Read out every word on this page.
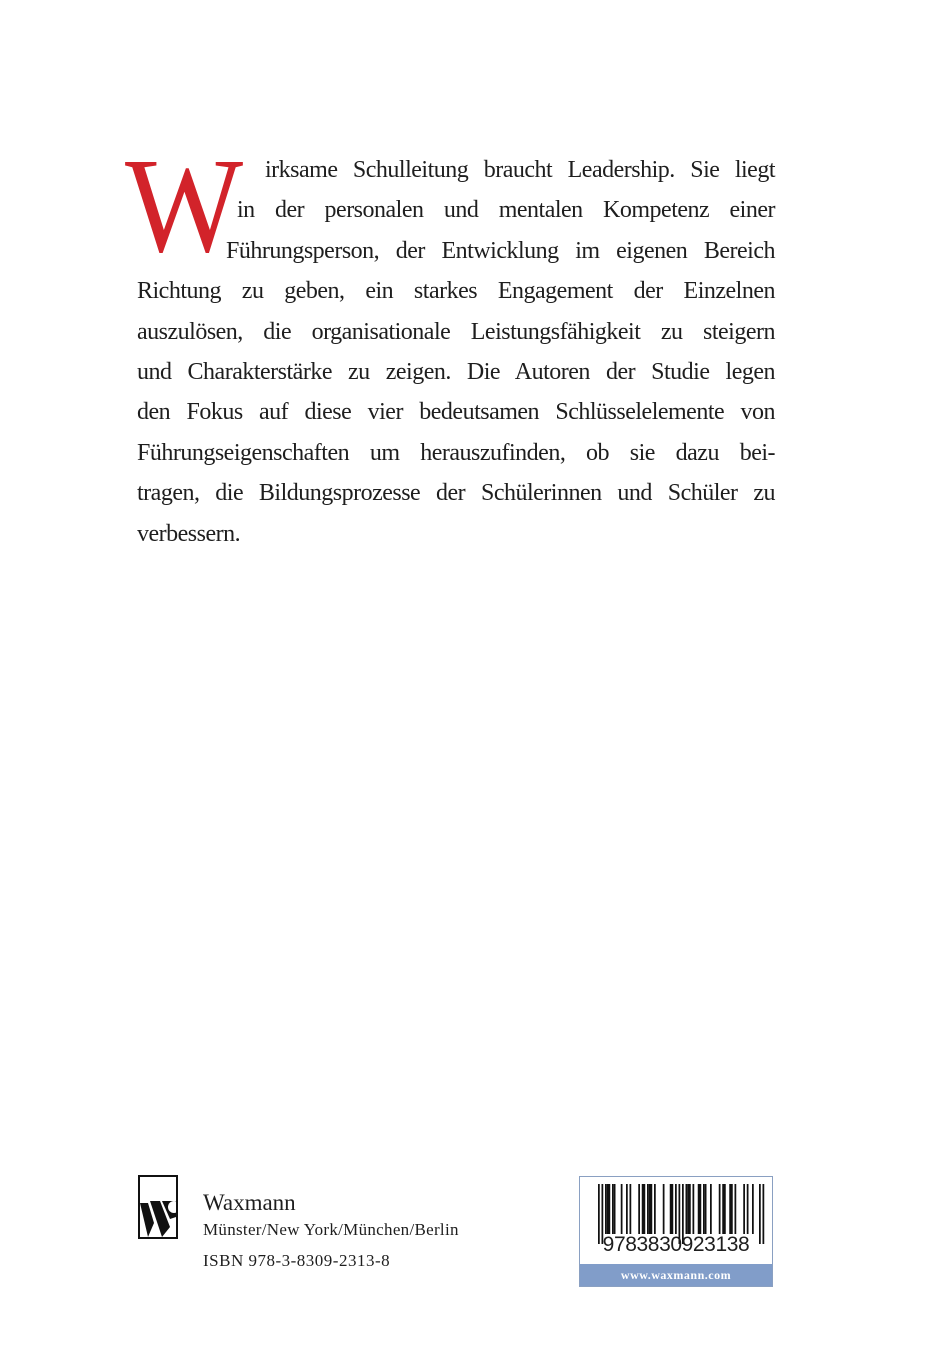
W irksame Schulleitung braucht Leadership. Sie liegt
in der personalen und mentalen Kompetenz einer
Führungsperson, der Entwicklung im eigenen Bereich
Richtung zu geben, ein starkes Engagement der Einzelnen
auszulösen, die organisationale Leistungsfähigkeit zu steigern
und Charakterstärke zu zeigen. Die Autoren der Studie legen
den Fokus auf diese vier bedeutsamen Schlüsselelemente von
Führungseigenschaften um herauszufinden, ob sie dazu bei-
tragen, die Bildungsprozesse der Schülerinnen und Schüler zu
verbessern.
Waxmann
Münster/New York/München/Berlin
ISBN 978-3-8309-2313-8
9783830923138
www.waxmann.com
